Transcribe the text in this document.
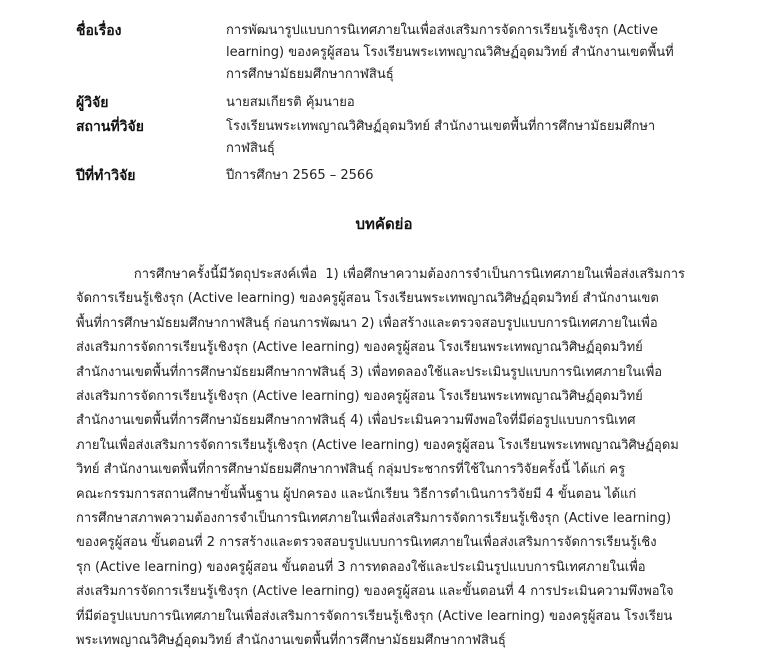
ชื่อเรื่อง	การพัฒนารูปแบบการนิเทศภายในเพื่อส่งเสริมการจัดการเรียนรู้เชิงรุก (Active
learning) ของครูผู้สอน โรงเรียนพระเทพญาณวิศิษฏ์อุดมวิทย์ สำนักงานเขตพื้นที่
การศึกษามัธยมศึกษากาฬสินธุ์
ผู้วิจัย	นายสมเกียรติ คุ้มนายอ
สถานที่วิจัย	โรงเรียนพระเทพญาณวิศิษฏ์อุดมวิทย์ สำนักงานเขตพื้นที่การศึกษามัธยมศึกษา
กาฬสินธุ์
ปีที่ทำวิจัย	ปีการศึกษา 2565 – 2566
บทคัดย่อ
การศึกษาครั้งนี้มีวัตถุประสงค์เพื่อ  1) เพื่อศึกษาความต้องการจำเป็นการนิเทศภายในเพื่อส่งเสริมการ
จัดการเรียนรู้เชิงรุก (Active learning) ของครูผู้สอน โรงเรียนพระเทพญาณวิศิษฏ์อุดมวิทย์ สำนักงานเขต
พื้นที่การศึกษามัธยมศึกษากาฬสินธุ์ ก่อนการพัฒนา 2) เพื่อสร้างและตรวจสอบรูปแบบการนิเทศภายในเพื่อ
ส่งเสริมการจัดการเรียนรู้เชิงรุก (Active learning) ของครูผู้สอน โรงเรียนพระเทพญาณวิศิษฏ์อุดมวิทย์
สำนักงานเขตพื้นที่การศึกษามัธยมศึกษากาฬสินธุ์ 3) เพื่อทดลองใช้และประเมินรูปแบบการนิเทศภายในเพื่อ
ส่งเสริมการจัดการเรียนรู้เชิงรุก (Active learning) ของครูผู้สอน โรงเรียนพระเทพญาณวิศิษฏ์อุดมวิทย์
สำนักงานเขตพื้นที่การศึกษามัธยมศึกษากาฬสินธุ์ 4) เพื่อประเมินความพึงพอใจที่มีต่อรูปแบบการนิเทศ
ภายในเพื่อส่งเสริมการจัดการเรียนรู้เชิงรุก (Active learning) ของครูผู้สอน โรงเรียนพระเทพญาณวิศิษฏ์อุดม
วิทย์ สำนักงานเขตพื้นที่การศึกษามัธยมศึกษากาฬสินธุ์ กลุ่มประชากรที่ใช้ในการวิจัยครั้งนี้ ได้แก่ ครู
คณะกรรมการสถานศึกษาขั้นพื้นฐาน ผู้ปกครอง และนักเรียน วิธีการดำเนินการวิจัยมี 4 ขั้นตอน ได้แก่
การศึกษาสภาพความต้องการจำเป็นการนิเทศภายในเพื่อส่งเสริมการจัดการเรียนรู้เชิงรุก (Active learning)
ของครูผู้สอน ขั้นตอนที่ 2 การสร้างและตรวจสอบรูปแบบการนิเทศภายในเพื่อส่งเสริมการจัดการเรียนรู้เชิง
รุก (Active learning) ของครูผู้สอน ขั้นตอนที่ 3 การทดลองใช้และประเมินรูปแบบการนิเทศภายในเพื่อ
ส่งเสริมการจัดการเรียนรู้เชิงรุก (Active learning) ของครูผู้สอน และขั้นตอนที่ 4 การประเมินความพึงพอใจ
ที่มีต่อรูปแบบการนิเทศภายในเพื่อส่งเสริมการจัดการเรียนรู้เชิงรุก (Active learning) ของครูผู้สอน โรงเรียน
พระเทพญาณวิศิษฏ์อุดมวิทย์ สำนักงานเขตพื้นที่การศึกษามัธยมศึกษากาฬสินธุ์
